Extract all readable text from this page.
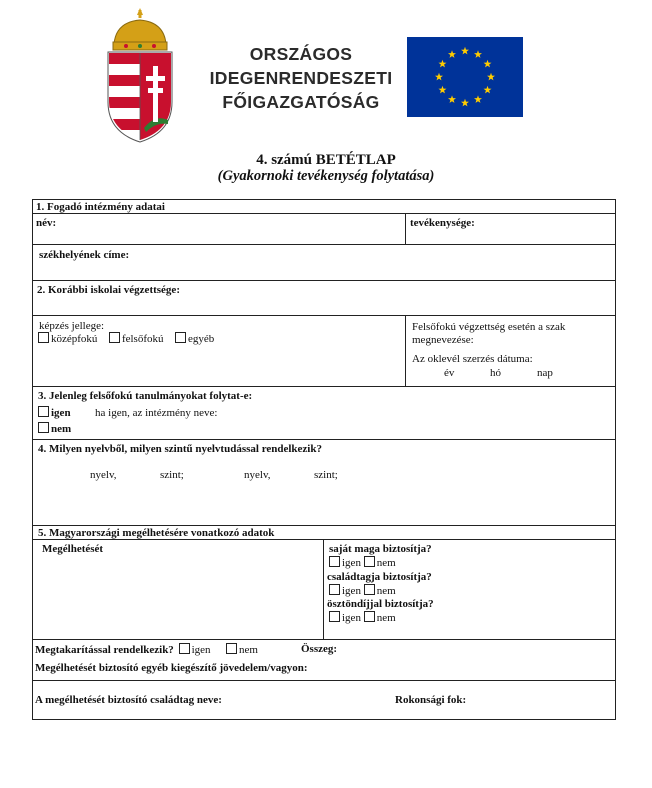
ORSZÁGOS
IDEGENRENDESZETI
FŐIGAZGATÓSÁG
4. számú BETÉTLAP
(Gyakornoki tevékenység folytatása)
1. Fogadó intézmény adatai
név:	tevékenysége:
székhelyének címe:
2. Korábbi iskolai végzettsége:
képzés jellege:
középfokú felsőfokú egyéb
Felsőfokú végzettség esetén a szak
megnevezése:
Az oklevél szerzés dátuma:
év	hó	nap
3. Jelenleg felsőfokú tanulmányokat folytat-e:
igen ha igen, az intézmény neve:
nem
4. Milyen nyelvből, milyen szintű nyelvtudással rendelkezik?
nyelv,	szint;	nyelv,	szint;
5. Magyarországi megélhetésére vonatkozó adatok
Megélhetését	saját maga biztosítja?
igen nem
családtagja biztosítja?
igen nem
ösztöndíjjal biztosítja?
igen nem
Megtakarítással rendelkezik? igen	nem	Összeg:
Megélhetését biztosító egyéb kiegészítő jövedelem/vagyon:
A megélhetését biztosító családtag neve:	Rokonsági fok:
